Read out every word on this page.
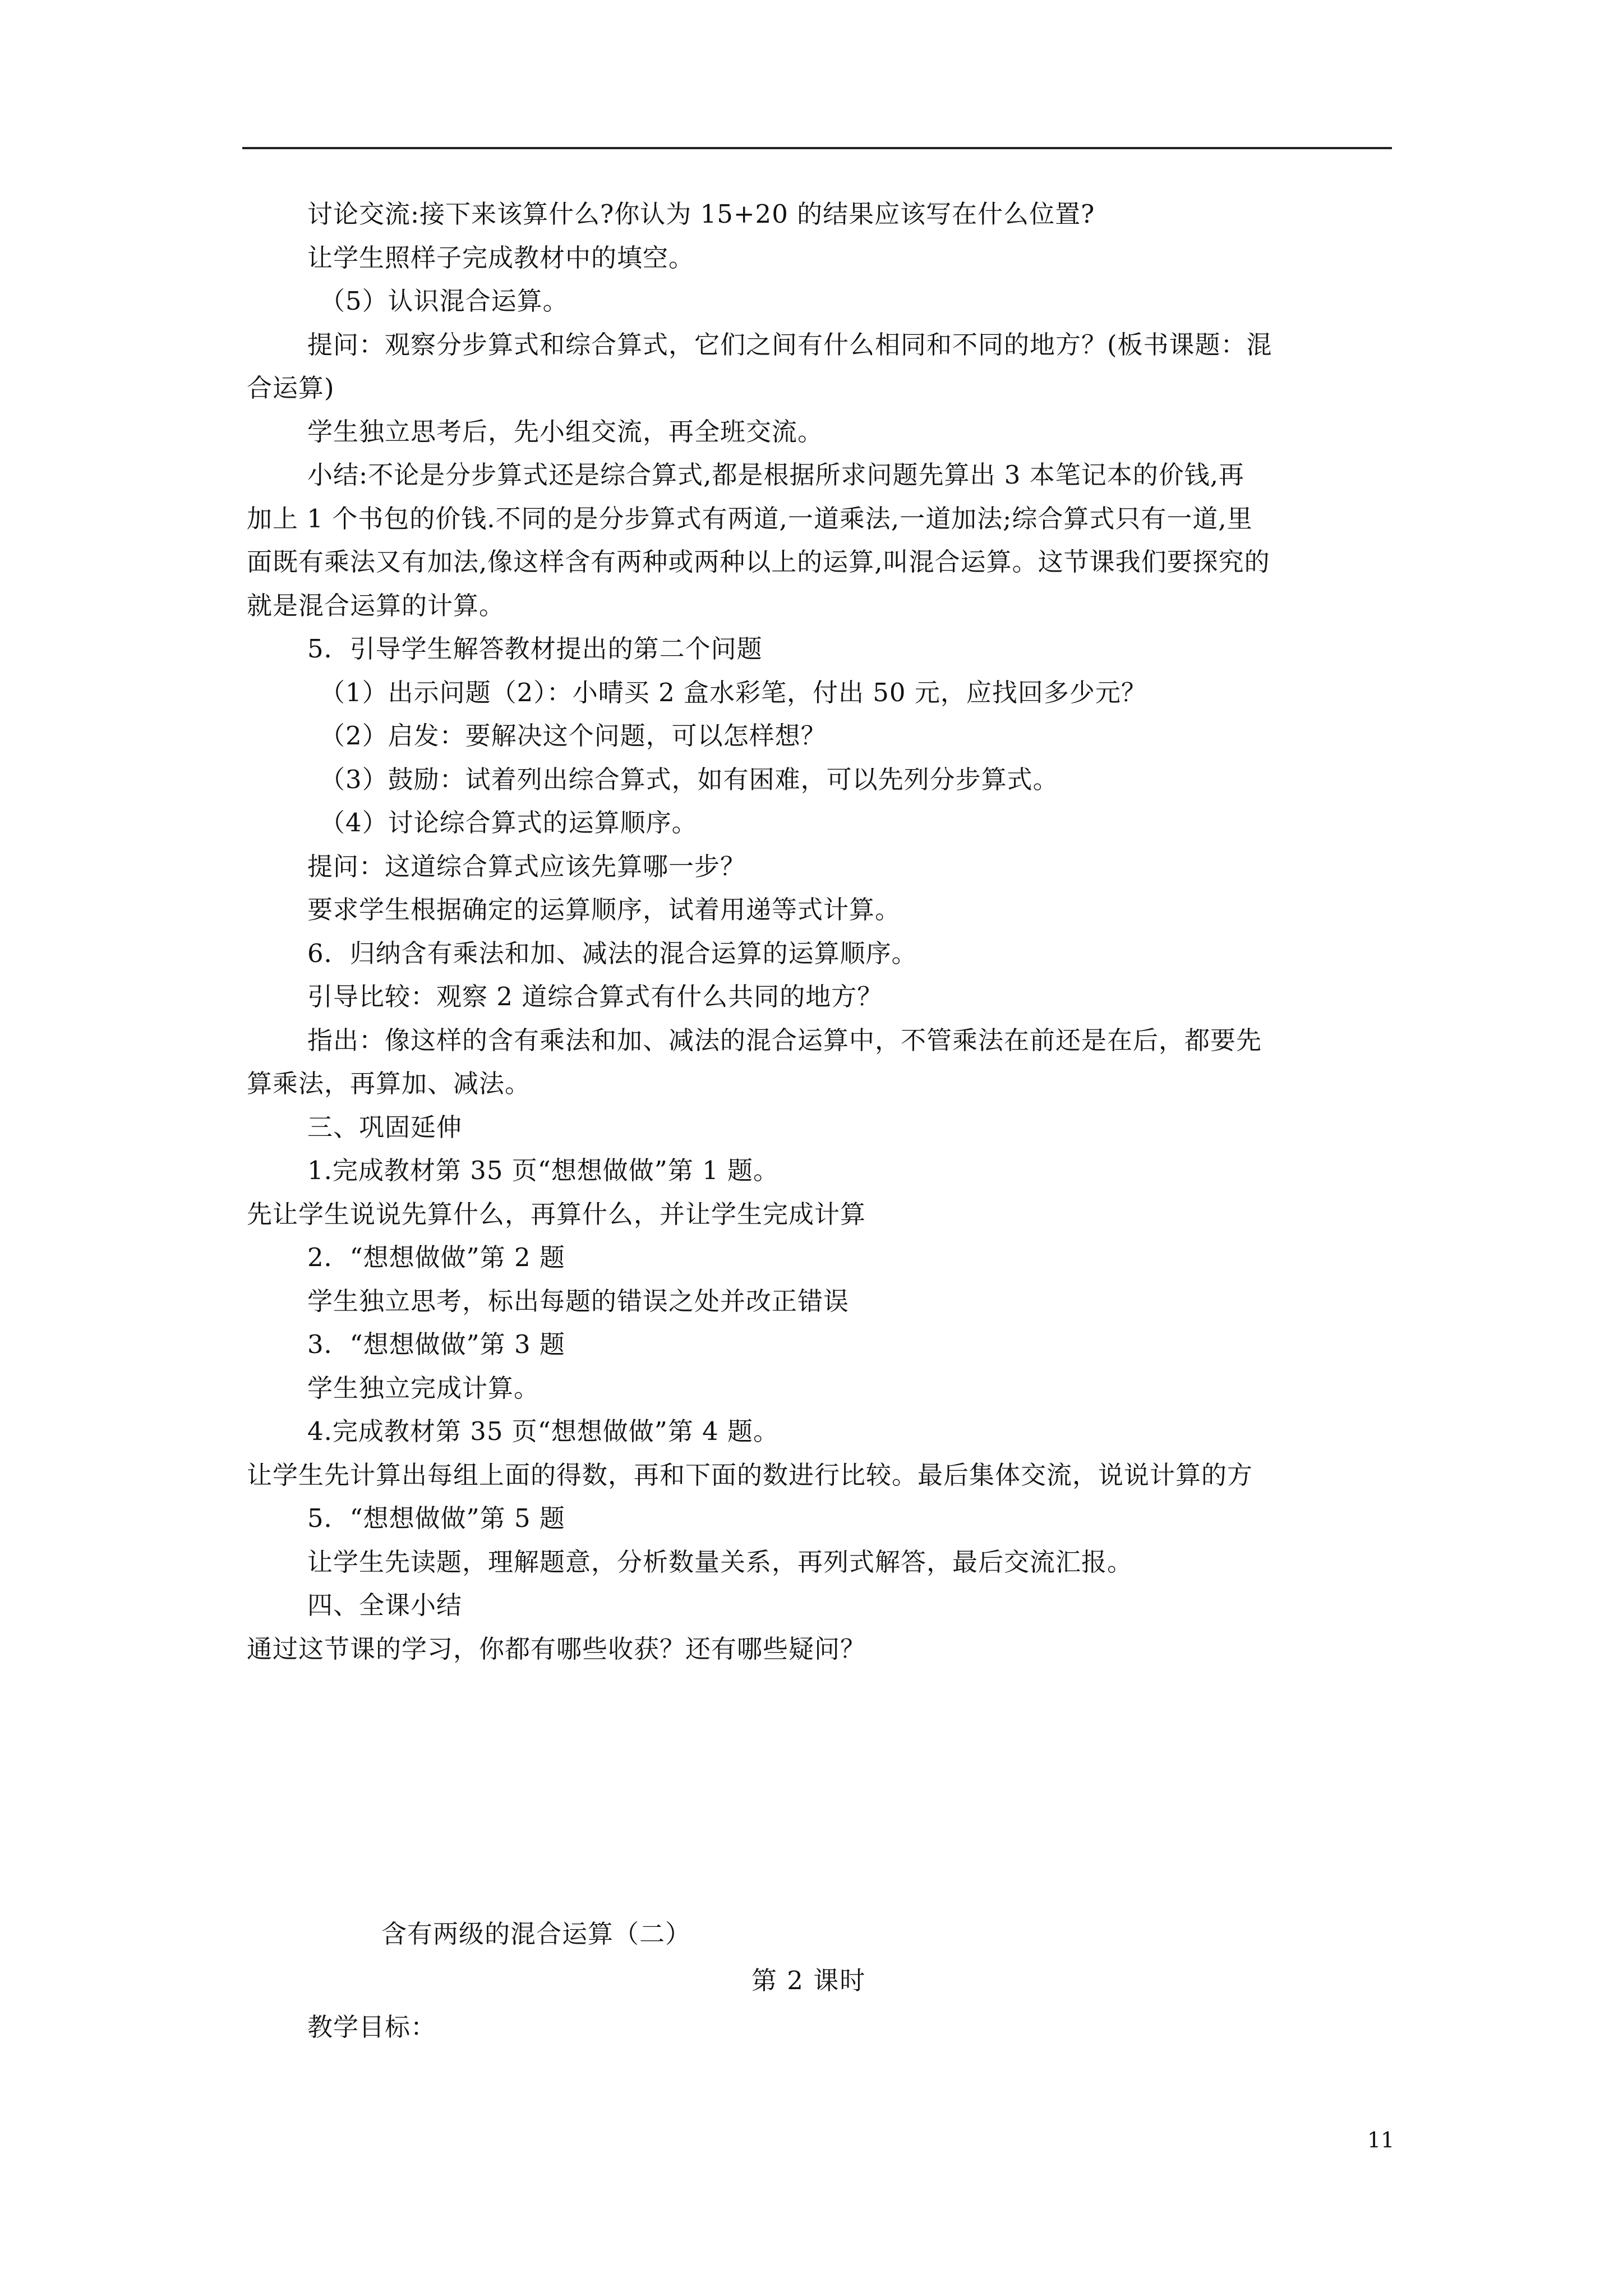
讨论交流:接下来该算什么?你认为 15+20 的结果应该写在什么位置?
让学生照样子完成教材中的填空。
（5）认识混合运算。
提问：观察分步算式和综合算式，它们之间有什么相同和不同的地方？(板书课题：混
合运算)
学生独立思考后，先小组交流，再全班交流。
小结:不论是分步算式还是综合算式,都是根据所求问题先算出 3 本笔记本的价钱,再
加上 1 个书包的价钱.不同的是分步算式有两道,一道乘法,一道加法;综合算式只有一道,里
面既有乘法又有加法,像这样含有两种或两种以上的运算,叫混合运算。这节课我们要探究的
就是混合运算的计算。
5．引导学生解答教材提出的第二个问题
（1）出示问题（2）：小晴买 2 盒水彩笔，付出 50 元，应找回多少元？
（2）启发：要解决这个问题，可以怎样想？
（3）鼓励：试着列出综合算式，如有困难，可以先列分步算式。
（4）讨论综合算式的运算顺序。
提问：这道综合算式应该先算哪一步？
要求学生根据确定的运算顺序，试着用递等式计算。
6．归纳含有乘法和加、减法的混合运算的运算顺序。
引导比较：观察 2 道综合算式有什么共同的地方？
指出：像这样的含有乘法和加、减法的混合运算中，不管乘法在前还是在后，都要先
算乘法，再算加、减法。
三、巩固延伸
1.完成教材第 35 页“想想做做”第 1 题。
先让学生说说先算什么，再算什么，并让学生完成计算
2．“想想做做”第 2 题
学生独立思考，标出每题的错误之处并改正错误
3．“想想做做”第 3 题
学生独立完成计算。
4.完成教材第 35 页“想想做做”第 4 题。
让学生先计算出每组上面的得数，再和下面的数进行比较。最后集体交流，说说计算的方
5．“想想做做”第 5 题
让学生先读题，理解题意，分析数量关系，再列式解答，最后交流汇报。
四、全课小结
通过这节课的学习，你都有哪些收获？还有哪些疑问？
含有两级的混合运算（二）
第 2 课时
教学目标：
11
